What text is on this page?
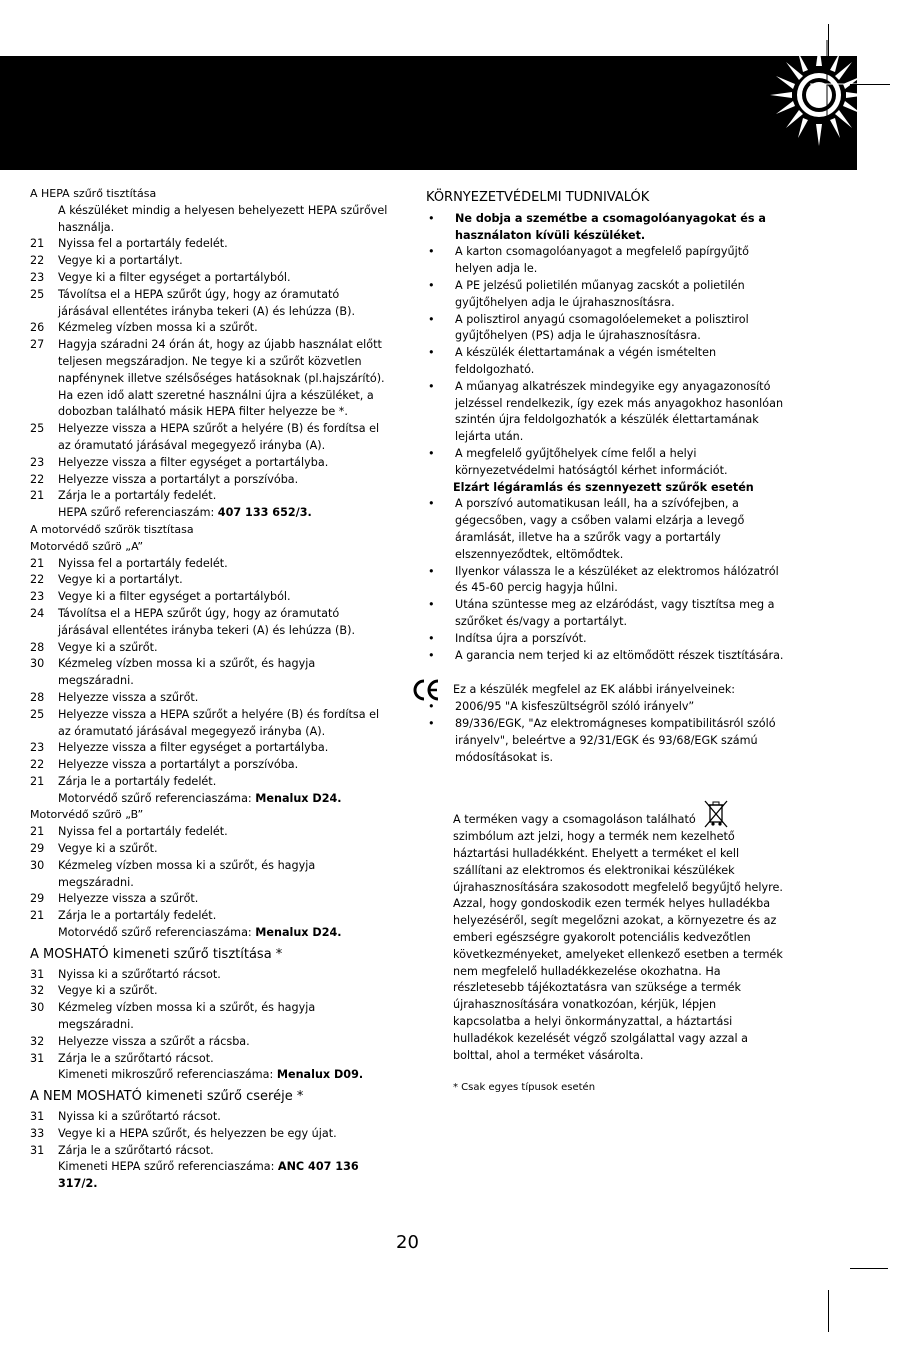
A HEPA szűrő tisztítása
A készüléket mindig a helyesen behelyezett HEPA szűrővel használja.
21	Nyissa fel a portartály fedelét.
22	Vegye ki a portartályt.
23	Vegye ki a filter egységet a portartályból.
25	Távolítsa el a HEPA szűrőt úgy, hogy az óramutató járásával ellentétes irányba tekeri (A) és lehúzza (B).
26	Kézmeleg vízben mossa ki a szűrőt.
27	Hagyja száradni 24 órán át, hogy az újabb használat előtt teljesen megszáradjon. Ne tegye ki a szűrőt közvetlen napfénynek illetve szélsőséges hatásoknak (pl.hajszárító).
Ha ezen idő alatt szeretné használni újra a készüléket, a dobozban található másik HEPA filter helyezze be *.
25	Helyezze vissza a HEPA szűrőt a helyére (B) és fordítsa el az óramutató járásával megegyező irányba (A).
23	Helyezze vissza a filter egységet a portartályba.
22	Helyezze vissza a portartályt a porszívóba.
21	Zárja le a portartály fedelét.
HEPA szűrő referenciaszám: 407 133 652/3.
A motorvédő szűrök tisztítasa
Motorvédő szűrö „A”
21	Nyissa fel a portartály fedelét.
22	Vegye ki a portartályt.
23	Vegye ki a filter egységet a portartályból.
24	Távolítsa el a HEPA szűrőt úgy, hogy az óramutató járásával ellentétes irányba tekeri (A) és lehúzza (B).
28	Vegye ki a szűrőt.
30	Kézmeleg vízben mossa ki a szűrőt, és hagyja megszáradni.
28	Helyezze vissza a szűrőt.
25	Helyezze vissza a HEPA szűrőt a helyére (B) és fordítsa el az óramutató járásával megegyező irányba (A).
23	Helyezze vissza a filter egységet a portartályba.
22	Helyezze vissza a portartályt a porszívóba.
21	Zárja le a portartály fedelét.
Motorvédő szűrő referenciaszáma: Menalux D24.
Motorvédő szűrö „B”
21	Nyissa fel a portartály fedelét.
29	Vegye ki a szűrőt.
30	Kézmeleg vízben mossa ki a szűrőt, és hagyja megszáradni.
29	Helyezze vissza a szűrőt.
21	Zárja le a portartály fedelét.
Motorvédő szűrő referenciaszáma: Menalux D24.
A MOSHATÓ kimeneti szűrő tisztítása *
31	Nyissa ki a szűrőtartó rácsot.
32	Vegye ki a szűrőt.
30	Kézmeleg vízben mossa ki a szűrőt, és hagyja megszáradni.
32	Helyezze vissza a szűrőt a rácsba.
31	Zárja le a szűrőtartó rácsot.
Kimeneti mikroszűrő referenciaszáma: Menalux D09.
A NEM MOSHATÓ kimeneti szűrő cseréje *
31	Nyissa ki a szűrőtartó rácsot.
33	Vegye ki a HEPA szűrőt, és helyezzen be egy újat.
31	Zárja le a szűrőtartó rácsot.
Kimeneti HEPA szűrő referenciaszáma: ANC 407 136 317/2.
KÖRNYEZETVÉDELMI TUDNIVALÓK
•	Ne dobja a szemétbe a csomagolóanyagokat és a használaton kívüli készüléket.
•	A karton csomagolóanyagot a megfelelő papírgyűjtő helyen adja le.
•	A PE jelzésű polietilén műanyag zacskót a polietilén gyűjtőhelyen adja le újrahasznosításra.
•	A polisztirol anyagú csomagolóelemeket a polisztirol gyűjtőhelyen (PS) adja le újrahasznosításra.
•	A készülék élettartamának a végén ismételten feldolgozható.
•	A műanyag alkatrészek mindegyike egy anyagazonosító jelzéssel rendelkezik, így ezek más anyagokhoz hasonlóan szintén újra feldolgozhatók a készülék élettartamának lejárta után.
•	A megfelelő gyűjtőhelyek címe felől a helyi környezetvédelmi hatóságtól kérhet információt.
Elzárt légáramlás és szennyezett szűrők esetén
•	A porszívó automatikusan leáll, ha a szívófejben, a gégecsőben, vagy a csőben valami elzárja a levegő áramlását, illetve ha a szűrők vagy a portartály elszennyeződtek, eltömődtek.
•	Ilyenkor válassza le a készüléket az elektromos hálózatról és 45-60 percig hagyja hűlni.
•	Utána szüntesse meg az elzáródást, vagy tisztítsa meg a szűrőket és/vagy a portartályt.
•	Indítsa újra a porszívót.
•	A garancia nem terjed ki az eltömődött részek tisztítására.
Ez a készülék megfelel az EK alábbi irányelveinek:
•	2006/95 "A kisfeszültségrõl szóló irányelv”
•	89/336/EGK, "Az elektromágneses kompatibilitásról szóló irányelv", beleértve a 92/31/EGK és 93/68/EGK számú módosításokat is.
A terméken vagy a csomagoláson található  szimbólum azt jelzi, hogy a termék nem kezelhető háztartási hulladékként. Ehelyett a terméket el kell szállítani az elektromos és elektronikai készülékek újrahasznosítására szakosodott megfelelő begyűjtő helyre. Azzal, hogy gondoskodik ezen termék helyes hulladékba helyezéséről, segít megelőzni azokat, a környezetre és az emberi egészségre gyakorolt potenciális kedvezőtlen következményeket, amelyeket ellenkező esetben a termék nem megfelelő hulladékkezelése okozhatna. Ha részletesebb tájékoztatásra van szüksége a termék újrahasznosítására vonatkozóan, kérjük, lépjen kapcsolatba a helyi önkormányzattal, a háztartási hulladékok kezelését végző szolgálattal vagy azzal a bolttal, ahol a terméket vásárolta.
* Csak egyes típusok esetén
20
